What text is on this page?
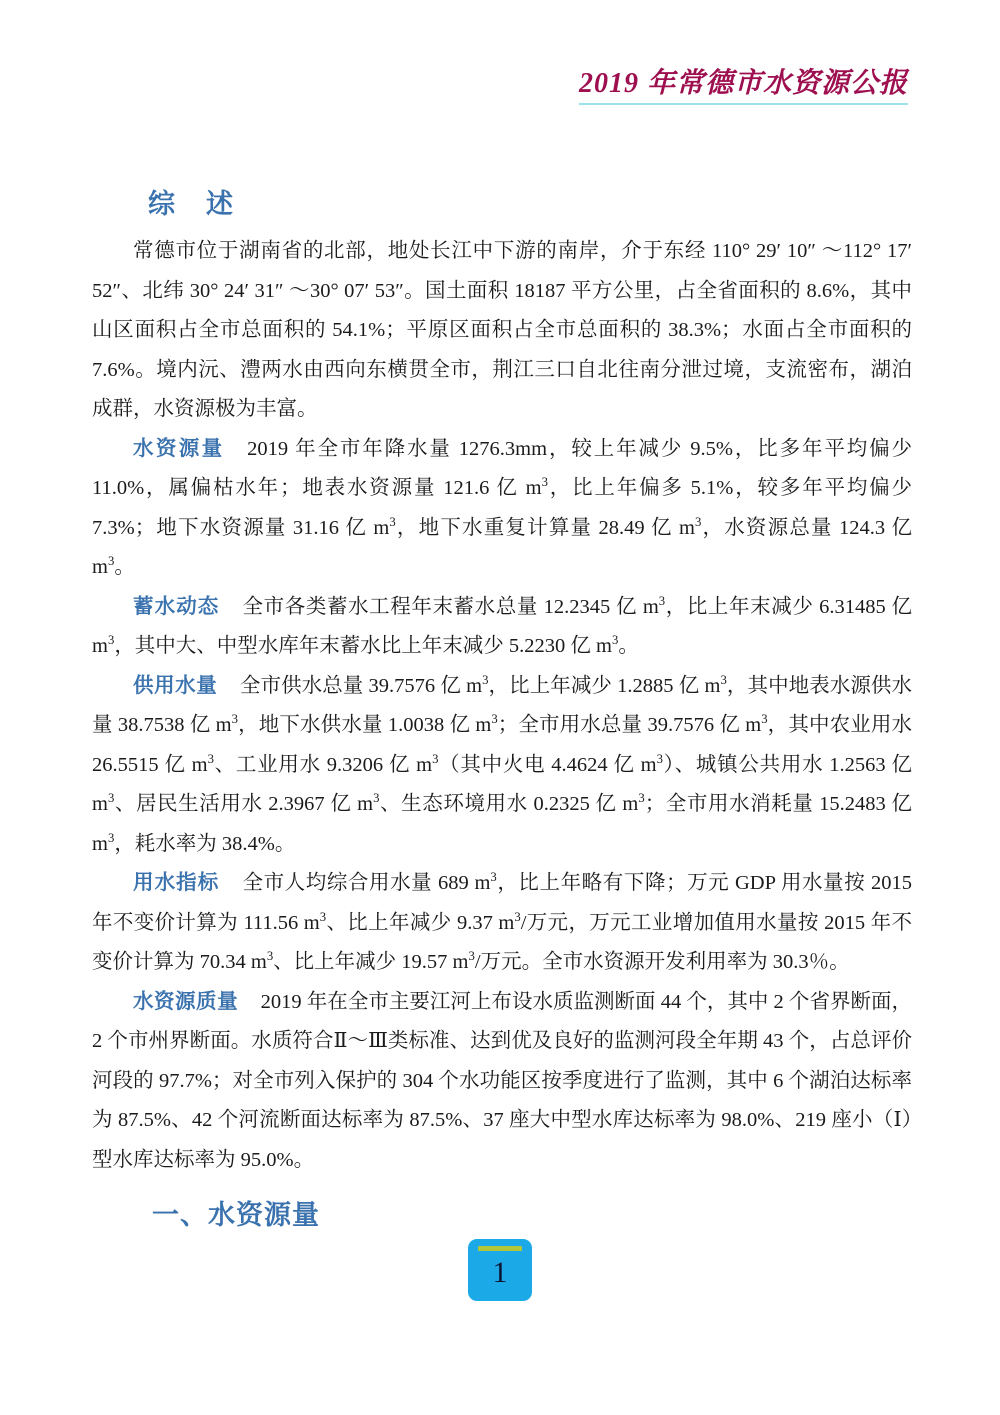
2019 年常德市水资源公报
综　述

常德市位于湖南省的北部，地处长江中下游的南岸，介于东经 110° 29′ 10″ ～112° 17′ 52″、北纬 30° 24′ 31″ ～30° 07′ 53″。国土面积 18187 平方公里，占全省面积的 8.6%，其中山区面积占全市总面积的 54.1%；平原区面积占全市总面积的 38.3%；水面占全市面积的 7.6%。境内沅、澧两水由西向东横贯全市，荆江三口自北往南分泄过境，支流密布，湖泊成群，水资源极为丰富。

水资源量 2019 年全市年降水量 1276.3mm，较上年减少 9.5%，比多年平均偏少 11.0%，属偏枯水年；地表水资源量 121.6 亿 $m^3$，比上年偏多 5.1%，较多年平均偏少 7.3%；地下水资源量 31.16 亿 $m^3$，地下水重复计算量 28.49 亿 $m^3$，水资源总量 124.3 亿 $m^3$。

蓄水动态 全市各类蓄水工程年末蓄水总量 12.2345 亿 $m^3$，比上年末减少 6.31485 亿 $m^3$，其中大、中型水库年末蓄水比上年末减少 5.2230 亿 $m^3$。

供用水量 全市供水总量 39.7576 亿 $m^3$，比上年减少 1.2885 亿 $m^3$，其中地表水源供水量 38.7538 亿 $m^3$，地下水供水量 1.0038 亿 $m^3$；全市用水总量 39.7576 亿 $m^3$，其中农业用水 26.5515 亿 $m^3$、工业用水 9.3206 亿 $m^3$（其中火电 4.4624 亿 $m^3$）、城镇公共用水 1.2563 亿 $m^3$、居民生活用水 2.3967 亿 $m^3$、生态环境用水 0.2325 亿 $m^3$；全市用水消耗量 15.2483 亿 $m^3$，耗水率为 38.4%。

用水指标 全市人均综合用水量 689 $m^3$，比上年略有下降；万元 GDP 用水量按 2015 年不变价计算为 111.56 $m^3$、比上年减少 9.37 $m^3/$万元，万元工业增加值用水量按 2015 年不变价计算为 70.34 $m^3$、比上年减少 19.57 $m^3/$万元。全市水资源开发利用率为 30.3％。

水资源质量 2019 年在全市主要江河上布设水质监测断面 44 个，其中 2 个省界断面，2 个市州界断面。水质符合Ⅱ～Ⅲ类标准、达到优及良好的监测河段全年期 43 个，占总评价河段的 97.7%；对全市列入保护的 304 个水功能区按季度进行了监测，其中 6 个湖泊达标率为 87.5%、42 个河流断面达标率为 87.5%、37 座大中型水库达标率为 98.0%、219 座小（Ⅰ）型水库达标率为 95.0%。

一、水资源量
1
